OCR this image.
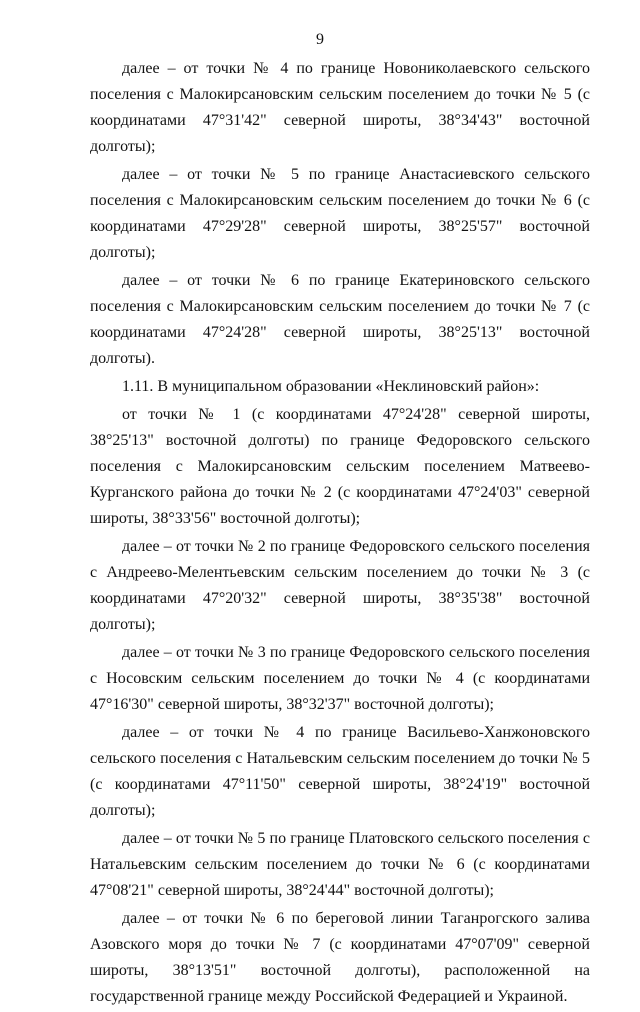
9

далее – от точки № 4 по границе Новониколаевского сельского поселения с Малокирсановским сельским поселением до точки № 5 (с координатами 47°31'42" северной широты, 38°34'43" восточной долготы);

далее – от точки № 5 по границе Анастасиевского сельского поселения с Малокирсановским сельским поселением до точки № 6 (с координатами 47°29'28" северной широты, 38°25'57" восточной долготы);

далее – от точки № 6 по границе Екатериновского сельского поселения с Малокирсановским сельским поселением до точки № 7 (с координатами 47°24'28" северной широты, 38°25'13" восточной долготы).

1.11. В муниципальном образовании «Неклиновский район»:

от точки № 1 (с координатами 47°24'28" северной широты, 38°25'13" восточной долготы) по границе Федоровского сельского поселения с Малокирсановским сельским поселением Матвеево-Курганского района до точки № 2 (с координатами 47°24'03" северной широты, 38°33'56" восточной долготы);

далее – от точки № 2 по границе Федоровского сельского поселения с Андреево-Мелентьевским сельским поселением до точки № 3 (с координатами 47°20'32" северной широты, 38°35'38" восточной долготы);

далее – от точки № 3 по границе Федоровского сельского поселения с Носовским сельским поселением до точки № 4 (с координатами 47°16'30" северной широты, 38°32'37" восточной долготы);

далее – от точки № 4 по границе Васильево-Ханжоновского сельского поселения с Натальевским сельским поселением до точки № 5 (с координатами 47°11'50" северной широты, 38°24'19" восточной долготы);

далее – от точки № 5 по границе Платовского сельского поселения с Натальевским сельским поселением до точки № 6 (с координатами 47°08'21" северной широты, 38°24'44" восточной долготы);

далее – от точки № 6 по береговой линии Таганрогского залива Азовского моря до точки № 7 (с координатами 47°07'09" северной широты, 38°13'51" восточной долготы), расположенной на государственной границе между Российской Федерацией и Украиной.
